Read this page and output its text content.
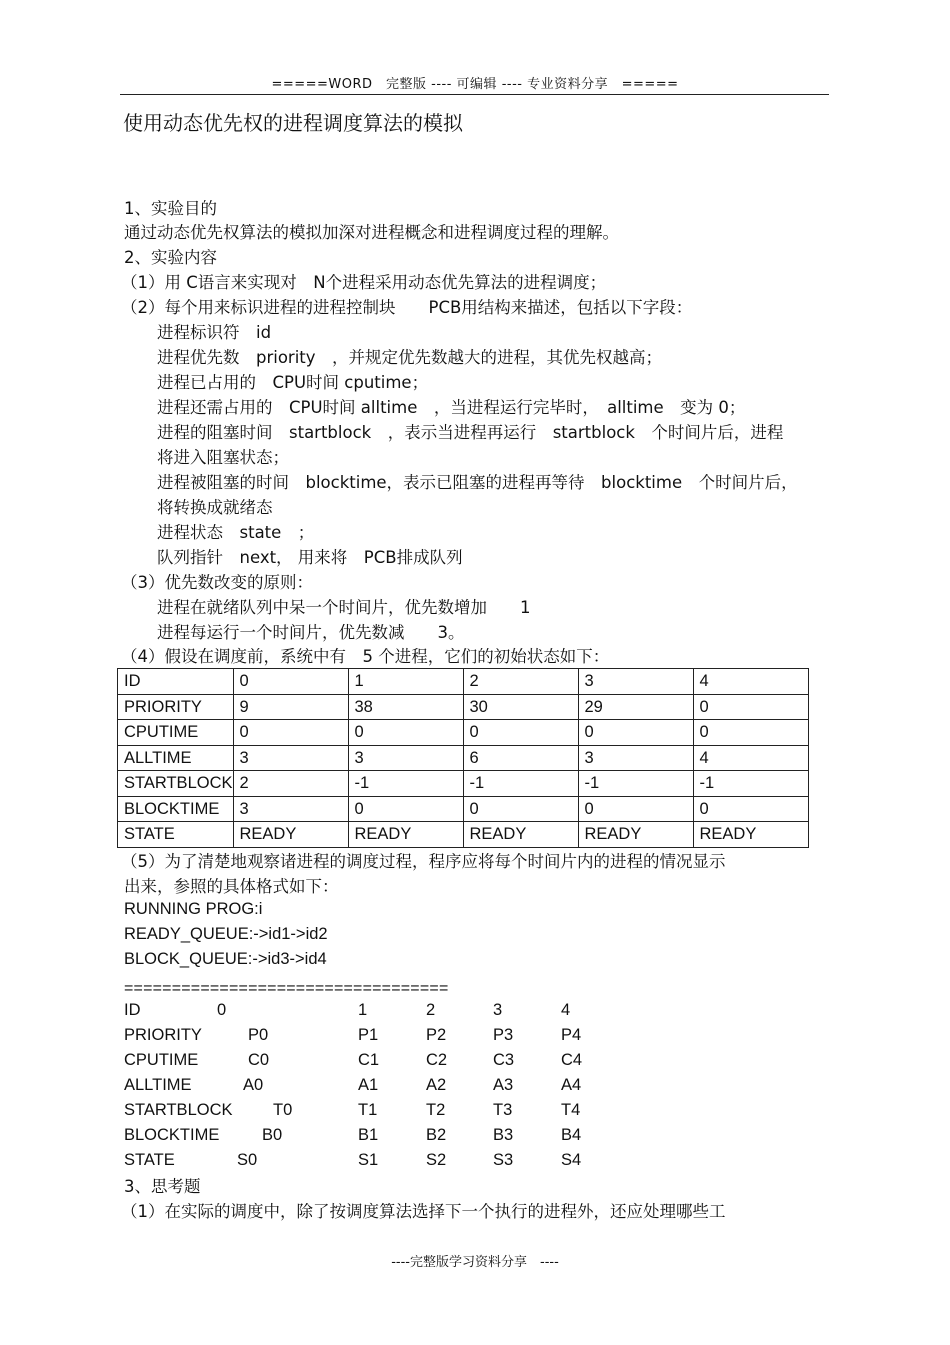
=====WORD　完整版 ---- 可编辑 ---- 专业资料分享　=====
使用动态优先权的进程调度算法的模拟
1、实验目的
通过动态优先权算法的模拟加深对进程概念和进程调度过程的理解。
2、实验内容
（1）用 C语言来实现对　N个进程采用动态优先算法的进程调度；
（2）每个用来标识进程的进程控制块　　PCB用结构来描述，包括以下字段：
进程标识符　id
进程优先数　priority　，并规定优先数越大的进程，其优先权越高；
进程已占用的　CPU时间 cputime；
进程还需占用的　CPU时间 alltime　，当进程运行完毕时，　alltime　变为 0；
进程的阻塞时间　startblock　，表示当进程再运行　startblock　个时间片后，进程
将进入阻塞状态；
进程被阻塞的时间　blocktime，表示已阻塞的进程再等待　blocktime　个时间片后，
将转换成就绪态
进程状态　state　；
队列指针　next， 用来将　PCB排成队列
（3）优先数改变的原则：
进程在就绪队列中呆一个时间片，优先数增加　　1
进程每运行一个时间片，优先数减　　3。
（4）假设在调度前，系统中有　5 个进程，它们的初始状态如下：
ID	0	1	2	3	4
PRIORITY	9	38	30	29	0
CPUTIME	0	0	0	0	0
ALLTIME	3	3	6	3	4
STARTBLOCK	2	-1	-1	-1	-1
BLOCKTIME	3	0	0	0	0
STATE	READY	READY	READY	READY	READY
（5）为了清楚地观察诸进程的调度过程，程序应将每个时间片内的进程的情况显示
出来，参照的具体格式如下：
RUNNING PROG:i
READY_QUEUE:->id1->id2
BLOCK_QUEUE:->id3->id4
==================================
ID	0	1	2	3	4
PRIORITY	P0	P1	P2	P3	P4
CPUTIME	C0	C1	C2	C3	C4
ALLTIME	A0	A1	A2	A3	A4
STARTBLOCK T0	T1	T2	T3	T4
BLOCKTIME	B0	B1	B2	B3	B4
STATE	S0	S1	S2	S3	S4
3、思考题
（1）在实际的调度中，除了按调度算法选择下一个执行的进程外，还应处理哪些工
----完整版学习资料分享　----
